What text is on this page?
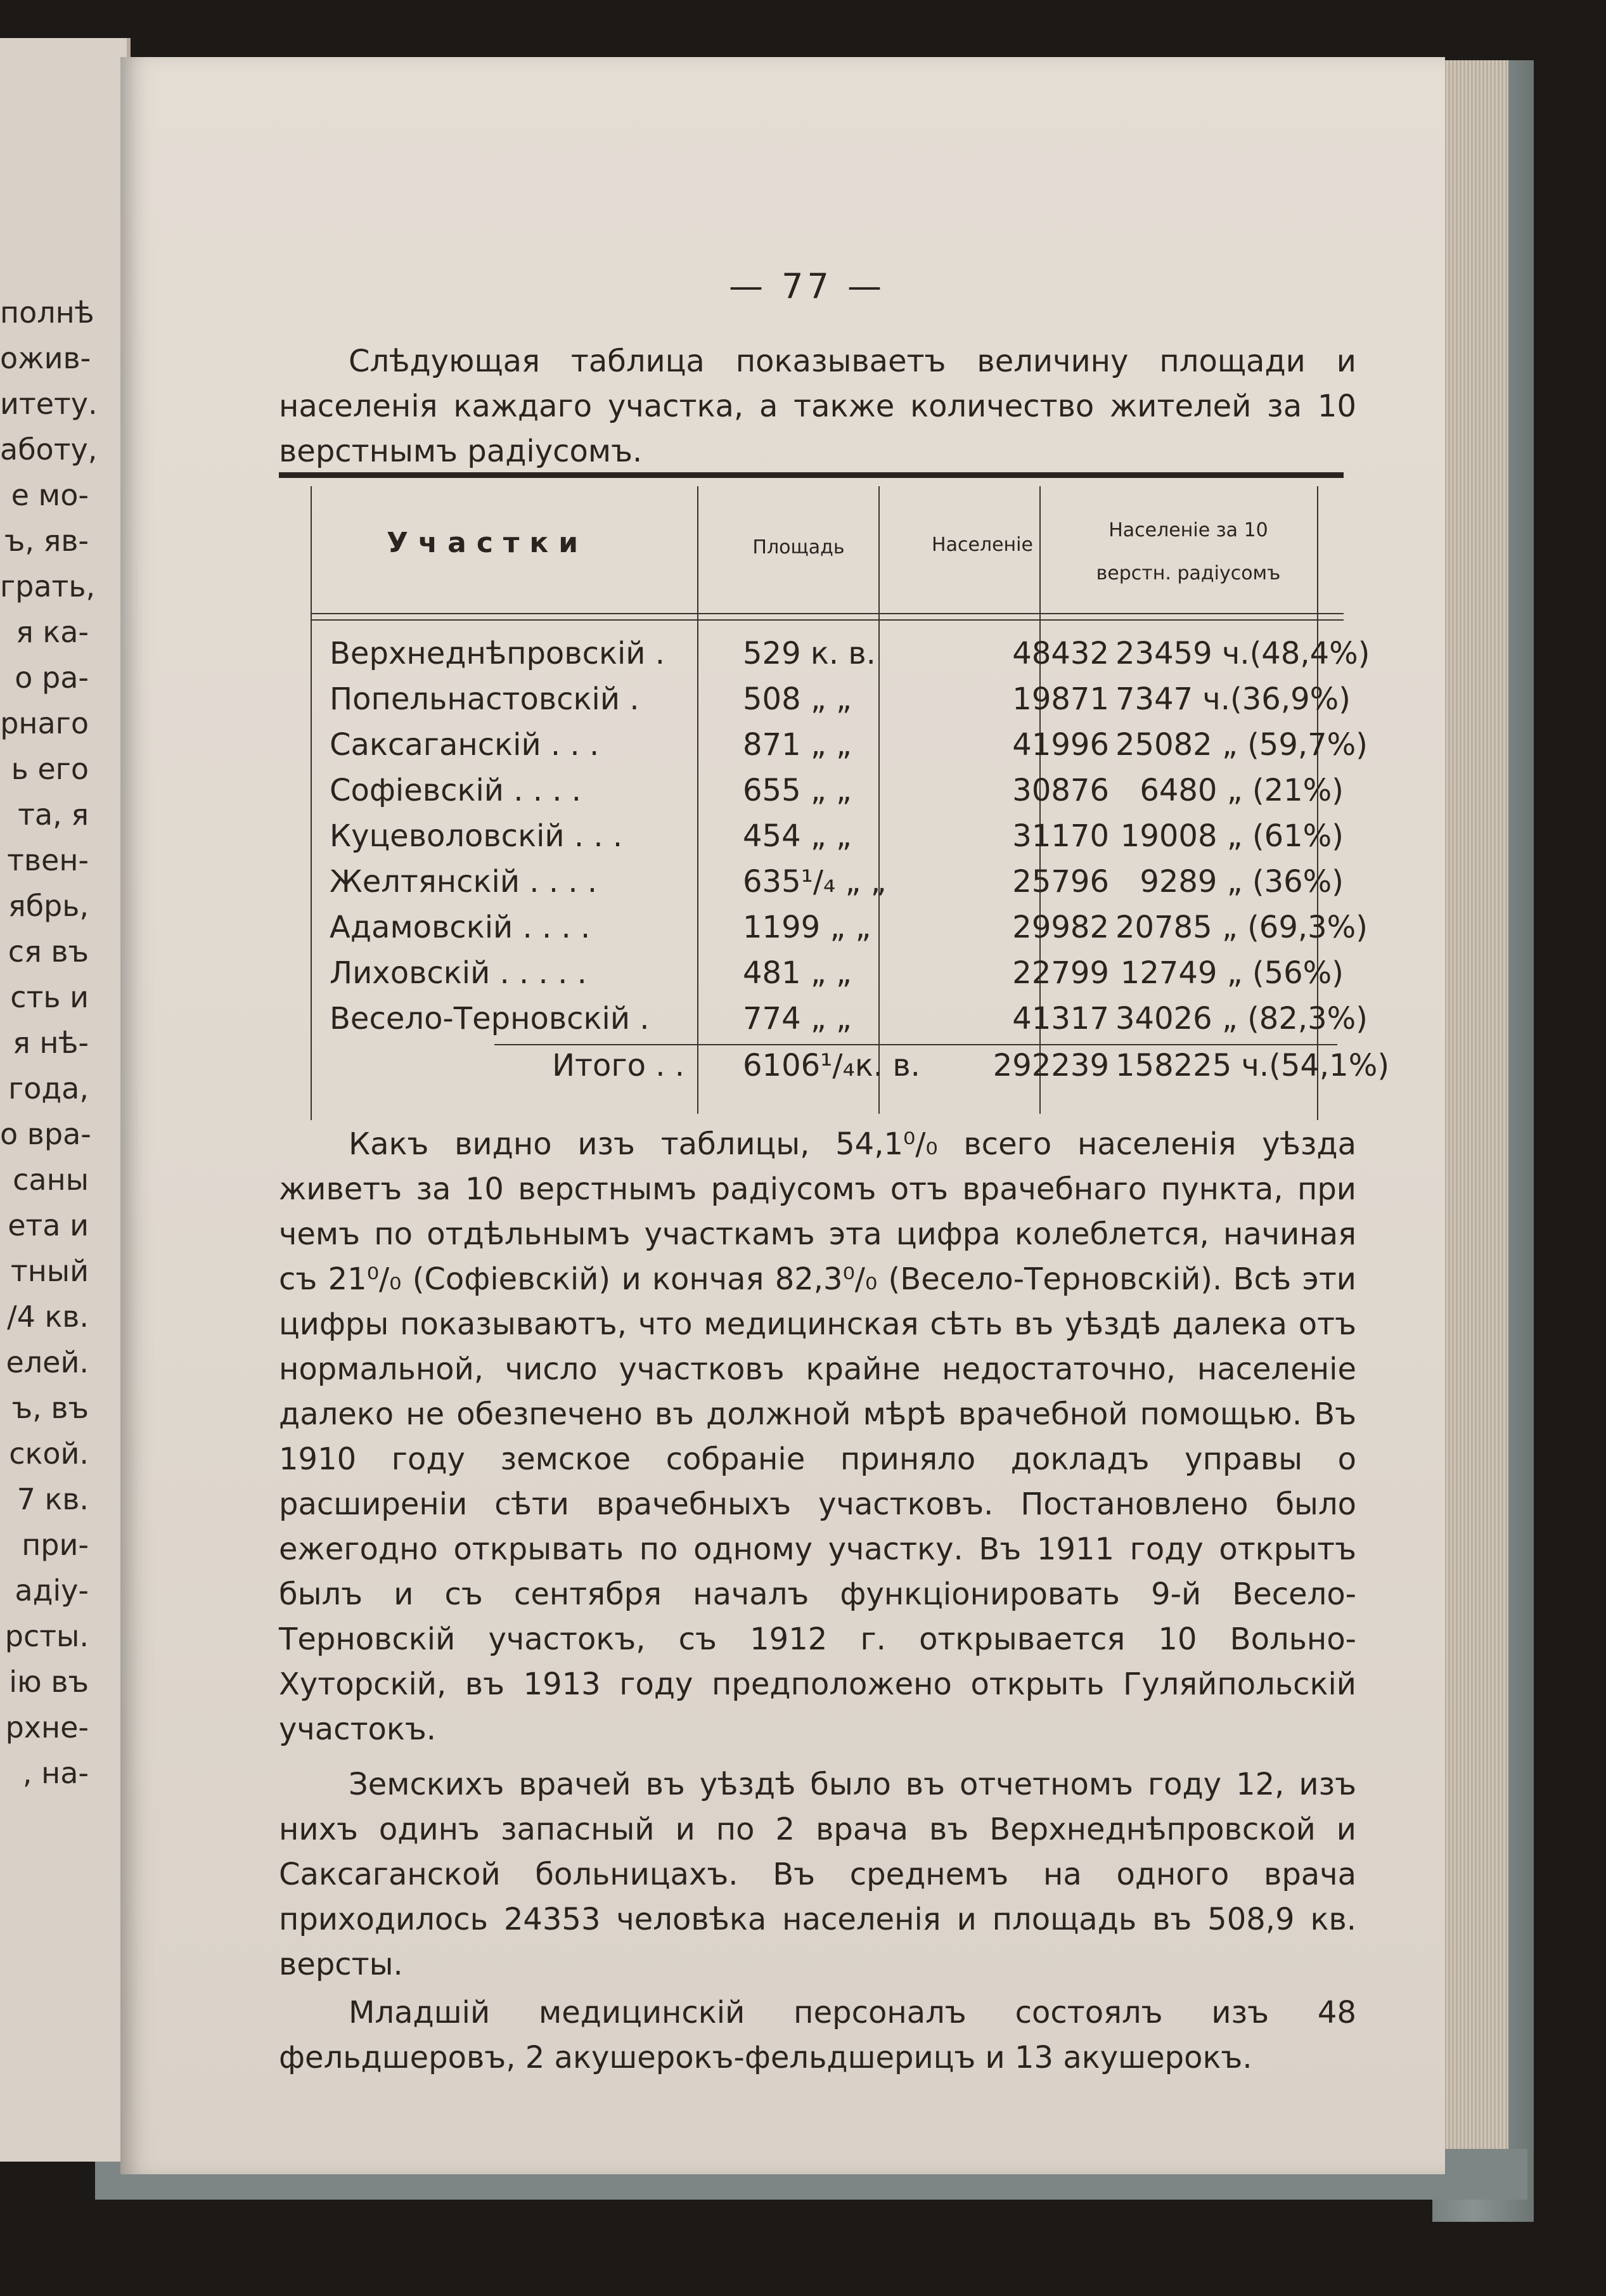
полнѣ
ожив-
итету.
аботу,
е мо-
ъ, яв-
грать,
я ка-
о ра-
рнаго
ь его
та, я
твен-
ябрь,
ся въ
сть и
я нѣ-
года,
о вра-
саны
ета и
тный
/4 кв.
елей.
ъ, въ
ской.
7 кв.
при-
адіу-
рсты.
ію въ
рхне-
, на-
— 77 —

Слѣдующая таблица показываетъ величину площади и населенія каждаго участка, а также количество жителей за 10 верстнымъ радіусомъ.

Участки	Площадь	Населеніе
Населеніе за 10
верстн. радіусомъ
Верхнеднѣпровскій .	529 к. в.	48432 23459 ч.(48,4%)
Попельнастовскій .	508 „ „	19871 7347 ч.(36,9%)
Саксаганскій . . .	871 „ „	41996 25082 „ (59,7%)
Софіевскій . . . .	655 „ „	30876	6480 „ (21%)
Куцеволовскій . . .	454 „ „	31170 19008 „ (61%)
Желтянскій . . . .	635¹/₄ „ „	25796	9289 „ (36%)
Адамовскій . . . .	1199 „ „	29982 20785 „ (69,3%)
Лиховскій . . . . .	481 „ „	22799 12749 „ (56%)
Весело-Терновскій .	774 „ „	41317 34026 „ (82,3%)
Итого . . 6106¹/₄к. в.	292239 158225 ч.(54,1%)

Какъ видно изъ таблицы, 54,1⁰/₀ всего населенія уѣзда живетъ за 10 верстнымъ радіусомъ отъ врачебнаго пункта, при чемъ по отдѣльнымъ участкамъ эта цифра колеблется, начиная съ 21⁰/₀ (Софіевскій) и кончая 82,3⁰/₀ (Весело-Терновскій). Всѣ эти цифры показываютъ, что медицинская сѣть въ уѣздѣ далека отъ нормальной, число участковъ крайне недостаточно, населеніе далеко не обезпечено въ должной мѣрѣ врачебной помощью. Въ 1910 году земское собраніе приняло докладъ управы о расширеніи сѣти врачебныхъ участковъ. Постановлено было ежегодно открывать по одному участку. Въ 1911 году открытъ былъ и съ сентября началъ функціонировать 9-й Весело-Терновскій участокъ, съ 1912 г. открывается 10 Вольно-Хуторскій, въ 1913 году предположено открыть Гуляйпольскій участокъ.

Земскихъ врачей въ уѣздѣ было въ отчетномъ году 12, изъ нихъ одинъ запасный и по 2 врача въ Верхнеднѣпровской и Саксаганской больницахъ. Въ среднемъ на одного врача приходилось 24353 человѣка населенія и площадь въ 508,9 кв. версты.

Младшій медицинскій персоналъ состоялъ изъ 48 фельдшеровъ, 2 акушерокъ-фельдшерицъ и 13 акушерокъ.
